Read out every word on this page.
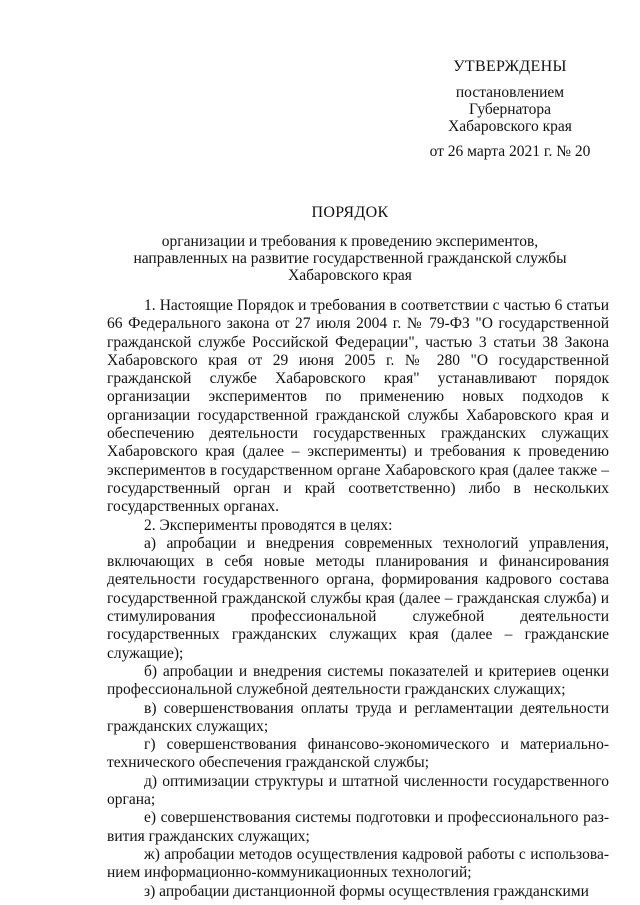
УТВЕРЖДЕНЫ
постановлением
Губернатора
Хабаровского края
от 26 марта 2021 г. № 20
ПОРЯДОК
организации и требования к проведению экспериментов,
направленных на развитие государственной гражданской службы
Хабаровского края

1. Настоящие Порядок и требования в соответствии с частью 6 статьи 66 Федерального закона от 27 июля 2004 г. № 79-ФЗ "О государственной гражданской службе Российской Федерации", частью 3 статьи 38 Закона Хабаровского края от 29 июня 2005 г. № 280 "О государственной гражданской службе Хабаровского края" устанавливают порядок организации экспериментов по применению новых подходов к организации государственной гражданской службы Хабаровского края и обеспечению деятельности государственных гражданских служащих Хабаровского края (далее – эксперименты) и требования к проведению экспериментов в государственном органе Хабаровского края (далее также – государственный орган и край соответственно) либо в нескольких государственных органах.

2. Эксперименты проводятся в целях:

а) апробации и внедрения современных технологий управления, включающих в себя новые методы планирования и финансирования деятельности государственного органа, формирования кадрового состава государственной гражданской службы края (далее – гражданская служба) и стимулирования профессиональной служебной деятельности государственных гражданских служащих края (далее – гражданские служащие);

б) апробации и внедрения системы показателей и критериев оценки профессиональной служебной деятельности гражданских служащих;

в) совершенствования оплаты труда и регламентации деятельности гражданских служащих;

г) совершенствования финансово-экономического и материально-технического обеспечения гражданской службы;

д) оптимизации структуры и штатной численности государственного органа;

е) совершенствования системы подготовки и профессионального развития гражданских служащих;

ж) апробации методов осуществления кадровой работы с использованием информационно-коммуникационных технологий;

з) апробации дистанционной формы осуществления гражданскими
